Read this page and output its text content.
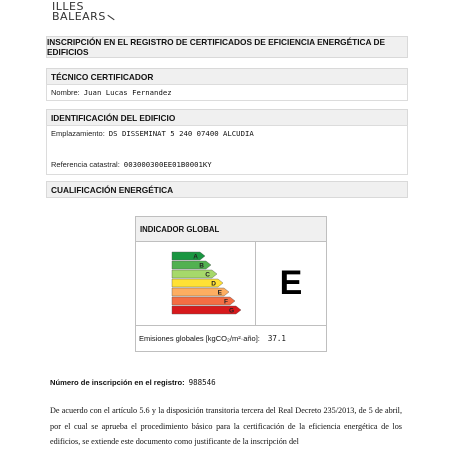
ILLES
BALEARS
INSCRIPCIÓN EN EL REGISTRO DE CERTIFICADOS DE EFICIENCIA ENERGÉTICA DE EDIFICIOS
TÉCNICO CERTIFICADOR
Nombre: Juan Lucas Fernandez
IDENTIFICACIÓN DEL EDIFICIO
Emplazamiento: DS DISSEMINAT 5 240 07400 ALCUDIA
Referencia catastral: 003000300EE01B0001KY
CUALIFICACIÓN ENERGÉTICA
INDICADOR GLOBAL
A
B
C
D
E
F
G
E
Emisiones globales [kgCO₂/m²·año]: 37.1
Número de inscripción en el registro: 988546
De acuerdo con el artículo 5.6 y la disposición transitoria tercera del Real Decreto 235/2013, de 5 de abril, por el cual se aprueba el procedimiento básico para la certificación de la eficiencia energética de los edificios, se extiende este documento como justificante de la inscripción del
